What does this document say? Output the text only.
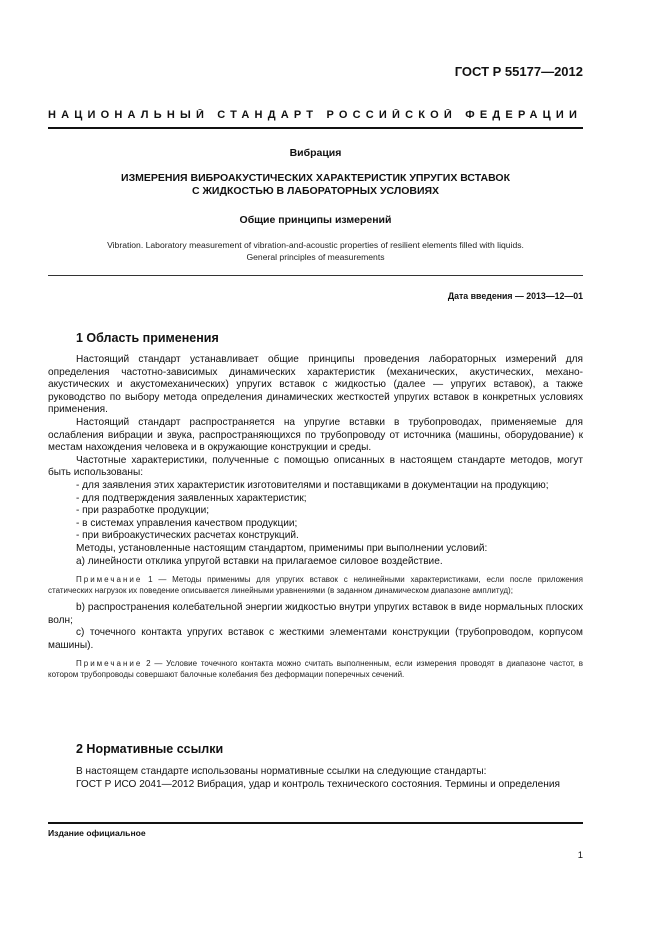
ГОСТ Р 55177—2012
НАЦИОНАЛЬНЫЙ СТАНДАРТ РОССИЙСКОЙ ФЕДЕРАЦИИ
Вибрация
ИЗМЕРЕНИЯ ВИБРОАКУСТИЧЕСКИХ ХАРАКТЕРИСТИК УПРУГИХ ВСТАВОК
С ЖИДКОСТЬЮ В ЛАБОРАТОРНЫХ УСЛОВИЯХ
Общие принципы измерений
Vibration. Laboratory measurement of vibration-and-acoustic properties of resilient elements filled with liquids.
General principles of measurements
Дата введения — 2013—12—01
1 Область применения

Настоящий стандарт устанавливает общие принципы проведения лабораторных измерений для определения частотно-зависимых динамических характеристик (механических, акустических, механо-акустических и акустомеханических) упругих вставок с жидкостью (далее — упругих вставок), а также руководство по выбору метода определения динамических жесткостей упругих вставок в конкретных условиях применения.

Настоящий стандарт распространяется на упругие вставки в трубопроводах, применяемые для ослабления вибрации и звука, распространяющихся по трубопроводу от источника (машины, оборудование) к местам нахождения человека и в окружающие конструкции и среды.

Частотные характеристики, полученные с помощью описанных в настоящем стандарте методов, могут быть использованы:

- для заявления этих характеристик изготовителями и поставщиками в документации на продукцию;

- для подтверждения заявленных характеристик;

- при разработке продукции;

- в системах управления качеством продукции;

- при виброакустических расчетах конструкций.

Методы, установленные настоящим стандартом, применимы при выполнении условий:

а) линейности отклика упругой вставки на прилагаемое силовое воздействие.

Примечание 1 — Методы применимы для упругих вставок с нелинейными характеристиками, если после приложения статических нагрузок их поведение описывается линейными уравнениями (в заданном динамическом диапазоне амплитуд);

b) распространения колебательной энергии жидкостью внутри упругих вставок в виде нормальных плоских волн;

с) точечного контакта упругих вставок с жесткими элементами конструкции (трубопроводом, корпусом машины).

Примечание 2 — Условие точечного контакта можно считать выполненным, если измерения проводят в диапазоне частот, в котором трубопроводы совершают балочные колебания без деформации поперечных сечений.

2 Нормативные ссылки

В настоящем стандарте использованы нормативные ссылки на следующие стандарты:

ГОСТ Р ИСО 2041—2012 Вибрация, удар и контроль технического состояния. Термины и определения

Издание официальное
1
